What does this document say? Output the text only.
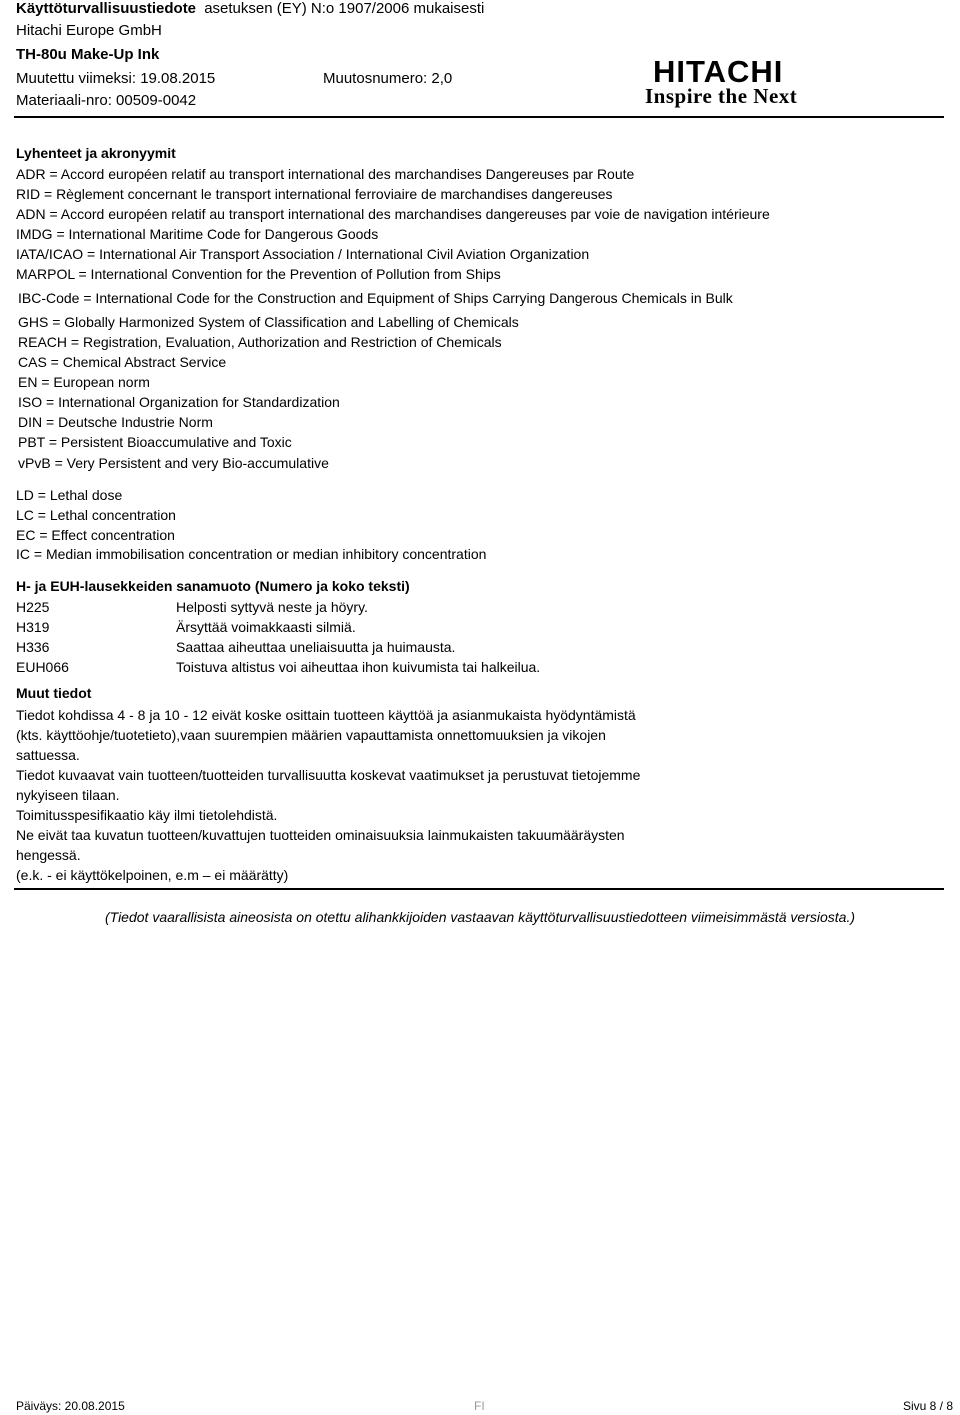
Käyttöturvallisuustiedote asetuksen (EY) N:o 1907/2006 mukaisesti
Hitachi Europe GmbH
TH-80u Make-Up Ink
Muutettu viimeksi: 19.08.2015	Muutosnumero: 2,0
Materiaali-nro: 00509-0042
HITACHI
Inspire the Next
Lyhenteet ja akronyymit
ADR = Accord européen relatif au transport international des marchandises Dangereuses par Route
RID = Règlement concernant le transport international ferroviaire de marchandises dangereuses
ADN = Accord européen relatif au transport international des marchandises dangereuses par voie de navigation intérieure
IMDG = International Maritime Code for Dangerous Goods
IATA/ICAO = International Air Transport Association / International Civil Aviation Organization
MARPOL = International Convention for the Prevention of Pollution from Ships
IBC-Code = International Code for the Construction and Equipment of Ships Carrying Dangerous Chemicals in Bulk
GHS = Globally Harmonized System of Classification and Labelling of Chemicals
REACH = Registration, Evaluation, Authorization and Restriction of Chemicals
CAS = Chemical Abstract Service
EN = European norm
ISO = International Organization for Standardization
DIN = Deutsche Industrie Norm
PBT = Persistent Bioaccumulative and Toxic
vPvB = Very Persistent and very Bio-accumulative
LD = Lethal dose
LC = Lethal concentration
EC = Effect concentration
IC = Median immobilisation concentration or median inhibitory concentration
H- ja EUH-lausekkeiden sanamuoto (Numero ja koko teksti)
H225	Helposti syttyvä neste ja höyry.
H319	Ärsyttää voimakkaasti silmiä.
H336	Saattaa aiheuttaa uneliaisuutta ja huimausta.
EUH066	Toistuva altistus voi aiheuttaa ihon kuivumista tai halkeilua.
Muut tiedot
Tiedot kohdissa 4 - 8 ja 10 - 12 eivät koske osittain tuotteen käyttöä ja asianmukaista hyödyntämistä
(kts. käyttöohje/tuotetieto),vaan suurempien määrien vapauttamista onnettomuuksien ja vikojen
sattuessa.
Tiedot kuvaavat vain tuotteen/tuotteiden turvallisuutta koskevat vaatimukset ja perustuvat tietojemme
nykyiseen tilaan.
Toimitusspesifikaatio käy ilmi tietolehdistä.
Ne eivät taa kuvatun tuotteen/kuvattujen tuotteiden ominaisuuksia lainmukaisten takuumääräysten
hengessä.
(e.k. - ei käyttökelpoinen, e.m – ei määrätty)
(Tiedot vaarallisista aineosista on otettu alihankkijoiden vastaavan käyttöturvallisuustiedotteen viimeisimmästä versiosta.)
Päiväys: 20.08.2015	FI	Sivu 8 / 8
